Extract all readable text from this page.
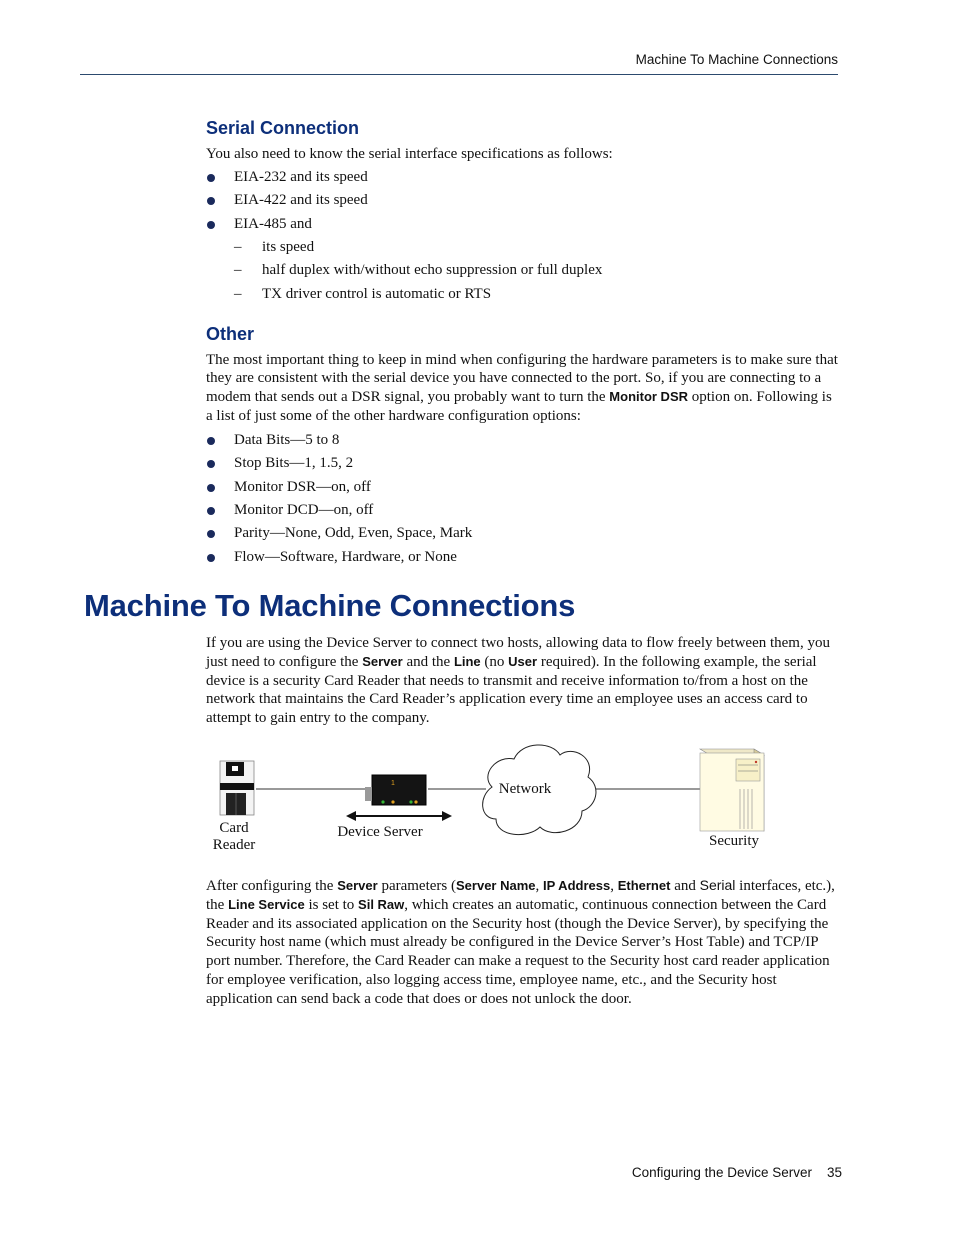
Machine To Machine Connections
Serial Connection

You also need to know the serial interface specifications as follows:

EIA-232 and its speed
EIA-422 and its speed
EIA-485 and
– its speed
– half duplex with/without echo suppression or full duplex
– TX driver control is automatic or RTS
Other

The most important thing to keep in mind when configuring the hardware parameters is to make sure that they are consistent with the serial device you have connected to the port. So, if you are connecting to a modem that sends out a DSR signal, you probably want to turn the Monitor DSR option on. Following is a list of just some of the other hardware configuration options:

Data Bits—5 to 8
Stop Bits—1, 1.5, 2
Monitor DSR—on, off
Monitor DCD—on, off
Parity—None, Odd, Even, Space, Mark
Flow—Software, Hardware, or None
Machine To Machine Connections

If you are using the Device Server to connect two hosts, allowing data to flow freely between them, you just need to configure the Server and the Line (no User required). In the following example, the serial device is a security Card Reader that needs to transmit and receive information to/from a host on the network that maintains the Card Reader’s application every time an employee uses an access card to attempt to gain entry to the company.

1
Card
Reader
Device Server
Network
Security

After configuring the Server parameters (Server Name, IP Address, Ethernet and Serial interfaces, etc.), the Line Service is set to Sil Raw, which creates an automatic, continuous connection between the Card Reader and its associated application on the Security host (though the Device Server), by specifying the Security host name (which must already be configured in the Device Server’s Host Table) and TCP/IP port number. Therefore, the Card Reader can make a request to the Security host card reader application for employee verification, also logging access time, employee name, etc., and the Security host application can send back a code that does or does not unlock the door.

Configuring the Device Server    35
